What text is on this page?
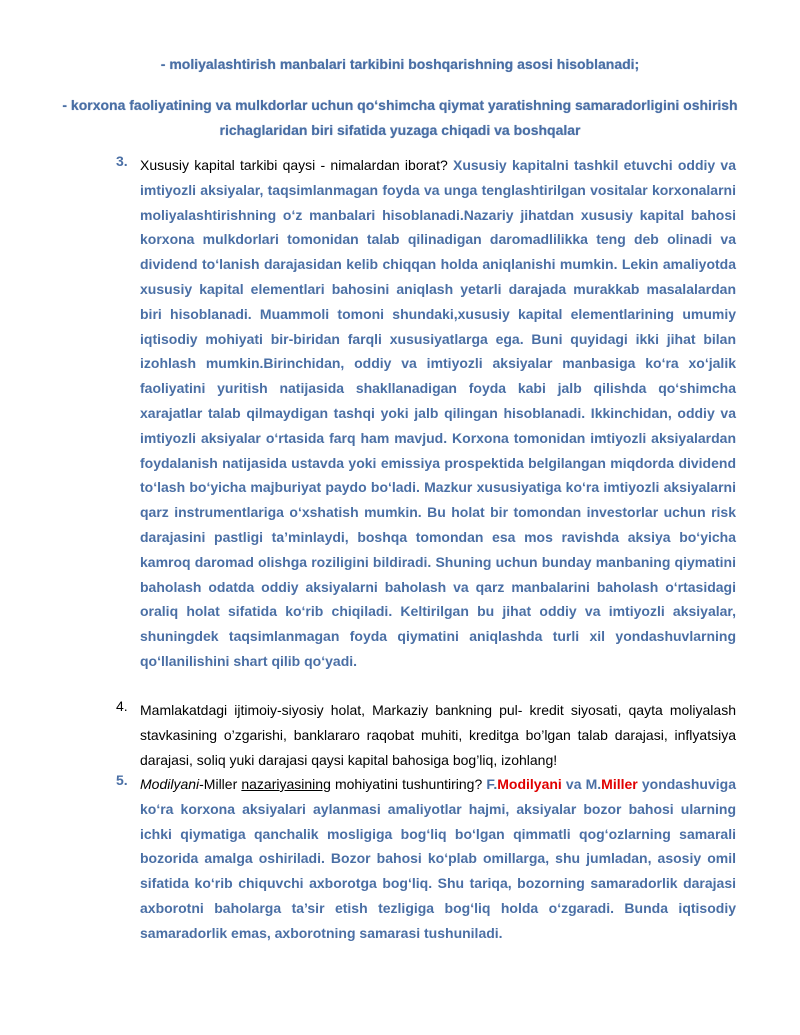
- moliyalashtirish manbalari tarkibini boshqarishning asosi hisoblanadi;
- korxona faoliyatining va mulkdorlar uchun qo‘shimcha qiymat yaratishning samaradorligini oshirish richaglaridan biri sifatida yuzaga chiqadi va boshqalar
3. Xususiy kapital tarkibi qaysi - nimalardan iborat? Xususiy kapitalni tashkil etuvchi oddiy va imtiyozli aksiyalar, taqsimlanmagan foyda va unga tenglashtirilgan vositalar korxonalarni moliyalashtirishning o‘z manbalari hisoblanadi.Nazariy jihatdan xususiy kapital bahosi korxona mulkdorlari tomonidan talab qilinadigan daromadlilikka teng deb olinadi va dividend to‘lanish darajasidan kelib chiqqan holda aniqlanishi mumkin. Lekin amaliyotda xususiy kapital elementlari bahosini aniqlash yetarli darajada murakkab masalalardan biri hisoblanadi. Muammoli tomoni shundaki,xususiy kapital elementlarining umumiy iqtisodiy mohiyati bir-biridan farqli xususiyatlarga ega. Buni quyidagi ikki jihat bilan izohlash mumkin.Birinchidan, oddiy va imtiyozli aksiyalar manbasiga ko‘ra xo‘jalik faoliyatini yuritish natijasida shakllanadigan foyda kabi jalb qilishda qo‘shimcha xarajatlar talab qilmaydigan tashqi yoki jalb qilingan hisoblanadi. Ikkinchidan, oddiy va imtiyozli aksiyalar o‘rtasida farq ham mavjud. Korxona tomonidan imtiyozli aksiyalardan foydalanish natijasida ustavda yoki emissiya prospektida belgilangan miqdorda dividend to‘lash bo‘yicha majburiyat paydo bo‘ladi. Mazkur xususiyatiga ko‘ra imtiyozli aksiyalarni qarz instrumentlariga o‘xshatish mumkin. Bu holat bir tomondan investorlar uchun risk darajasini pastligi ta’minlaydi, boshqa tomondan esa mos ravishda aksiya bo‘yicha kamroq daromad olishga roziligini bildiradi. Shuning uchun bunday manbaning qiymatini baholash odatda oddiy aksiyalarni baholash va qarz manbalarini baholash o‘rtasidagi oraliq holat sifatida ko‘rib chiqiladi. Keltirilgan bu jihat oddiy va imtiyozli aksiyalar, shuningdek taqsimlanmagan foyda qiymatini aniqlashda turli xil yondashuvlarning qo‘llanilishini shart qilib qo‘yadi.
4. Mamlakatdagi ijtimoiy-siyosiy holat, Markaziy bankning pul- kredit siyosati, qayta moliyalash stavkasining o’zgarishi, banklararo raqobat muhiti, kreditga bo’lgan talab darajasi, inflyatsiya darajasi, soliq yuki darajasi qaysi kapital bahosiga bog’liq, izohlang!
5. Modilyani-Miller nazariyasining mohiyatini tushuntiring? F.Modilyani va M.Miller yondashuviga ko‘ra korxona aksiyalari aylanmasi amaliyotlar hajmi, aksiyalar bozor bahosi ularning ichki qiymatiga qanchalik mosligiga bog‘liq bo‘lgan qimmatli qog‘ozlarning samarali bozorida amalga oshiriladi. Bozor bahosi ko‘plab omillarga, shu jumladan, asosiy omil sifatida ko‘rib chiquvchi axborotga bog‘liq. Shu tariqa, bozorning samaradorlik darajasi axborotni baholarga ta’sir etish tezligiga bog‘liq holda o‘zgaradi. Bunda iqtisodiy samaradorlik emas, axborotning samarasi tushuniladi.
